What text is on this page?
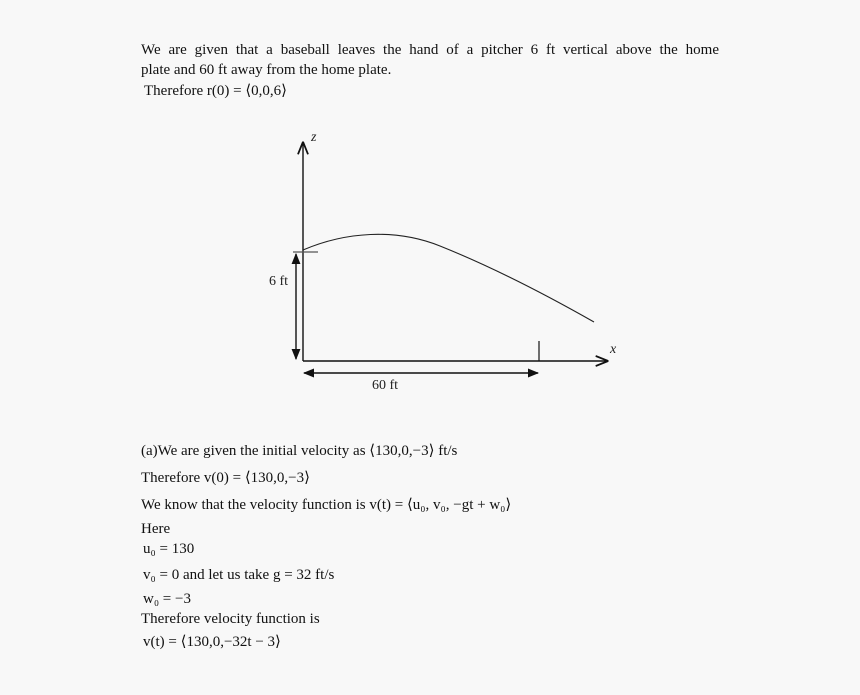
We are given that a baseball leaves the hand of a pitcher 6 ft vertical above the home
plate and 60 ft away from the home plate.
Therefore r(0) = ⟨0,0,6⟩
z
x
6 ft
60 ft
(a)We are given the initial velocity as ⟨130,0,−3⟩ ft/s
Therefore v(0) = ⟨130,0,−3⟩
We know that the velocity function is v(t) = ⟨u₀, v₀, −gt + w₀⟩
Here
u₀ = 130
v₀ = 0 and let us take g = 32 ft/s
w₀ = −3
Therefore velocity function is
v(t) = ⟨130,0,−32t − 3⟩
